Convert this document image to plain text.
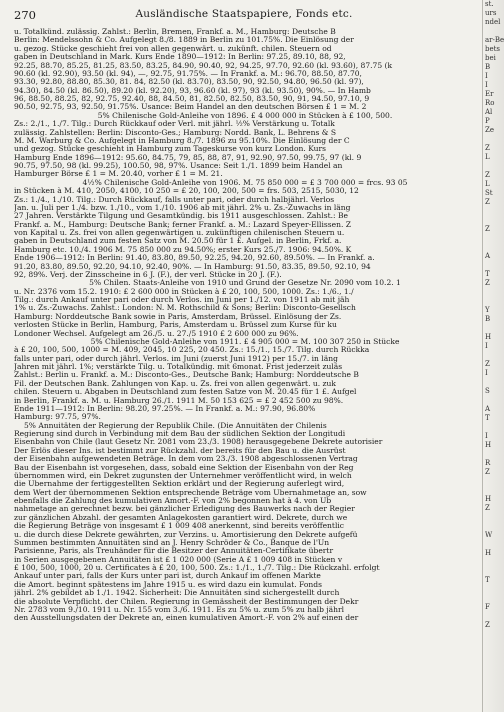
270	Ausländische Staatspapiere, Fonds etc.
u. Totalkünd. zulässig. Zahlst.: Berlin, Bremen, Frankf. a. M., Hamburg: Deutsche B
Berlin: Mendelssohn & Co. Aufgelegt 8./8. 1889 in Berlin zu 101.75%. Die Einlösung der
u. gezog. Stücke geschieht frei von allen gegenwärt. u. zukünft. chilen. Steuern od
gaben in Deutschland in Mark. Kurs Ende 1890—1912: In Berlin: 97.25, 89.10, 88, 92,
92.25, 88.70, 85.25, 81.25, 83.50, 83.25, 84.90, 90.40, 92, 94.25, 97.70, 92.60 (kl. 93.60), 87.75 (k
90.60 (kl. 92.90), 93.50 (kl. 94), —, 92.75, 91.75%. — In Frankf. a. M.: 96.70, 88.50, 87.70,
93.30, 92.80, 88.80, 85.30, 81. 84, 82.50 (kl. 83.70), 83.50, 90, 92.50, 94.80, 96.50 (kl. 97),
94.30), 84.50 (kl. 86.50), 89.20 (kl. 92.20), 93, 96.60 (kl. 97), 93 (kl. 93.50), 90%. — In Hamb
96, 88.50, 88.25, 82, 92.75, 92.40, 88, 84.50, 81, 82.50, 82.50, 83.50, 90, 91, 94.50, 97.10, 9
90.50, 92.75, 93, 92.50, 91.75%. Usance: Beim Handel an den deutschen Börsen £ 1 = M. 2
5% Chilenische Gold-Anleihe von 1896. £ 4 000 000 in Stücken à £ 100, 500.
Zs.: 2./1., 1./7. Tilg.: Durch Rückkauf oder Verl. mit jährl. ½% Verstärkung u. Totalk
zulässig. Zahlstellen: Berlin: Disconto-Ges.; Hamburg: Nordd. Bank, L. Behrens & S
M. M. Warburg & Co. Aufgelegt in Hamburg 8./7. 1896 zu 95.10%. Die Einlösung der C
und gezog. Stücke geschieht in Hamburg zum Tageskurse von kurz London. Kurs
Hamburg Ende 1896—1912: 95.60, 84.75, 79, 85, 88, 87, 91, 92.90, 97.50, 99.75, 97 (kl. 9
90.75, 97.50, 98 (kl. 99.25), 100.50, 98, 97%. Usance: Seit 1./1. 1899 beim Handel an
Hamburger Börse £ 1 = M. 20.40, vorher £ 1 = M. 21.
4½% Chilenische Gold-Anleihe von 1906. M. 75 850 000 = £ 3 700 000 = frcs. 93 05
in Stücken à M. 410, 2050, 4100, 10 250 = £ 20, 100, 200, 500 = frs. 503, 2515, 5030, 12
Zs.: 1./4., 1./10. Tilg.: Durch Rückkauf, falls unter pari, oder durch halbjährl. Verlos
Jan. u. Juli per 1./4. bzw. 1./10., vom 1./10. 1906 ab mit jährl. 2% u. Zs.-Zuwachs in läng
27 Jahren. Verstärkte Tilgung und Gesamtkündig. bis 1911 ausgeschlossen. Zahlst.: Be
Frankf. a. M., Hamburg: Deutsche Bank; ferner Frankf. a. M.: Lazard Speyer-Ellissen. Z
von Kapital u. Zs. frei von allen gegenwärtigen u. zukünftigen chilenischen Steuern u.
gaben in Deutschland zum festen Satz von M. 20.50 für 1 £. Aufgel. in Berlin, Frkf. a.
Hamburg etc. 10./4. 1906 M. 75 850 000 zu 94.50%; erster Kurs 25./7. 1906: 94.50%. K
Ende 1906—1912: In Berlin: 91.40, 83.80, 89.50, 92.25, 94.20, 92.60, 89.50%. — In Frankf. a.
91.20, 83.80, 89.50, 92.20, 94.10, 92.40, 90%. — In Hamburg: 91.50, 83.35, 89.50, 92.10, 94
92, 89%. Verj. der Zinsscheine in 6 J. (F.), der verl. Stücke in 20 J. (F.).
5% Chilen. Staats-Anleihe von 1910 und Grund der Gesetze Nr. 2090 vom 10.2. 1
u. Nr. 2376 vom 15.2. 1910: £ 2 600 000 in Stücken à £ 20, 100, 500, 1000. Zs.: 1./6., 1./
Tilg.: durch Ankauf unter pari oder durch Verlos. im Juni per 1./12. von 1911 ab mit jäh
1% u. Zs.-Zuwachs. Zahlst.: London: N. M. Rothschild & Sons; Berlin: Disconto-Gesellsch
Hamburg: Norddeutsche Bank sowie in Paris, Amsterdam, Brüssel. Einlösung der Zs.
verlosten Stücke in Berlin, Hamburg, Paris, Amsterdam u. Brüssel zum Kurse für ku
Londoner Wechsel. Aufgelegt am 26./5. u. 27./5 1910 £ 2 600 000 zu 96%.
5% Chilenische Gold-Anleihe von 1911. £ 4 905 000 = M. 100 307 250 in Stücke
à £ 20, 100, 500, 1000 = M. 409, 2045, 10 225, 20 450. Zs.: 15./1., 15./7. Tilg. durch Rückka
falls unter pari, oder durch jährl. Verlos. im Juni (zuerst Juni 1912) per 15./7. in läng
Jahren mit jährl. 1%; verstärkte Tilg. u. Totalkündig. mit 6monat. Frist jederzeit zuläs
Zahlst.: Berlin u. Frankf. a. M.: Disconto-Ges., Deutsche Bank; Hamburg: Norddeutsche B
Fil. der Deutschen Bank. Zahlungen von Kap. u. Zs. frei von allen gegenwärt. u. zuk
chilen. Steuern u. Abgaben in Deutschland zum festen Satze von M. 20.45 für 1 £. Aufgel
in Berlin, Frankf. a. M. u. Hamburg 26./1. 1911 M. 50 153 625 = £ 2 452 500 zu 98%.
Ende 1911—1912: In Berlin: 98.20, 97.25%. — In Frankf. a. M.: 97.90, 96.80%
Hamburg: 97.75, 97%.
5% Annuitäten der Regierung der Republik Chile. (Die Annuitäten der Chilenis
Regierung sind durch in Verbindung mit dem Bau der südlichen Sektion der Longitudi
Eisenbahn von Chile (laut Gesetz Nr. 2081 vom 23./3. 1908) herausgegebene Dekrete autorisier
Der Erlös dieser Ins. ist bestimmt zur Rückzahl. der bereits für den Bau u. die Ausrüst
der Eisenbahn aufgewendeten Beträge. In dem vom 23./3. 1908 abgeschlossenen Vertrag
Bau der Eisenbahn ist vorgesehen, dass, sobald eine Sektion der Eisenbahn von der Reg
übernommen wird, ein Dekret zugunsten der Unternehmer veröffentlicht wird, in welch
die Übernahme der fertiggestellten Sektion erklärt und der Regierung auferlegt wird,
dem Wert der übernommenen Sektion entsprechende Beträge vom Übernahmetage an, sow
ebenfalls die Zahlung des kumulativen Amort.-F. von 2% begonnen hat à 4. von Üb
nahmetage an gerechnet bezw. bei gänzlicher Erledigung des Bauwerks nach der Regier
zur gänzlichen Abzahl. der gesamten Anlagekosten garantiert wird. Dekrete, durch we
die Regierung Beträge von insgesamt £ 1 009 408 anerkennt, sind bereits veröffentlic
u. die durch diese Dekrete gewährten, zur Verzins. u. Amortisierung den Dekrete aufgefü
Summen bestimmten Annuitäten sind an J. Henry Schröder & Co., Banque de l'Un
Parisienne, Paris, als Treuhänder für die Besitzer der Annuitäten-Certifikate übertr
in Serien ausgegebenen Annuitäten ist £ 1 020 000 (Serie A £ 1 009 408 in Stücken v
£ 100, 500, 1000, 20 u. Certificates à £ 20, 100, 500. Zs.: 1./1., 1./7. Tilg.: Die Rückzahl. erfolgt
Ankauf unter pari, falls der Kurs unter pari ist, durch Ankauf im offenen Markte
die Amort. beginnt spätestens im Jahre 1915 u. es wird dazu ein kumulat. Fonds
jährl. 2% gebildet ab 1./1. 1942. Sicherheit: Die Annuitäten sind sichergestellt durch
die absolute Verpflicht. der Chilen. Regierung in Gemässheit der Bestimmungen der Dekr
Nr. 2783 vom 9./10. 1911 u. Nr. 155 vom 3./6. 1911. Es zu 5% u. zum 5% zu halb jährl
den Ausstellungsdaten der Dekrete an, einen kumulativen Amort.-F. von 2% auf einen der
st.
urs
ndel

ar-Be
bets
bei
B
I
I
Er
Ro
Al
P
Ze

Z
L

Z
L
St
Z

Z

A

T
Z

Y
B

H
I

Z
I

S

A
T

I
H

R
Z

H
Z

W

H

T

F

Z
